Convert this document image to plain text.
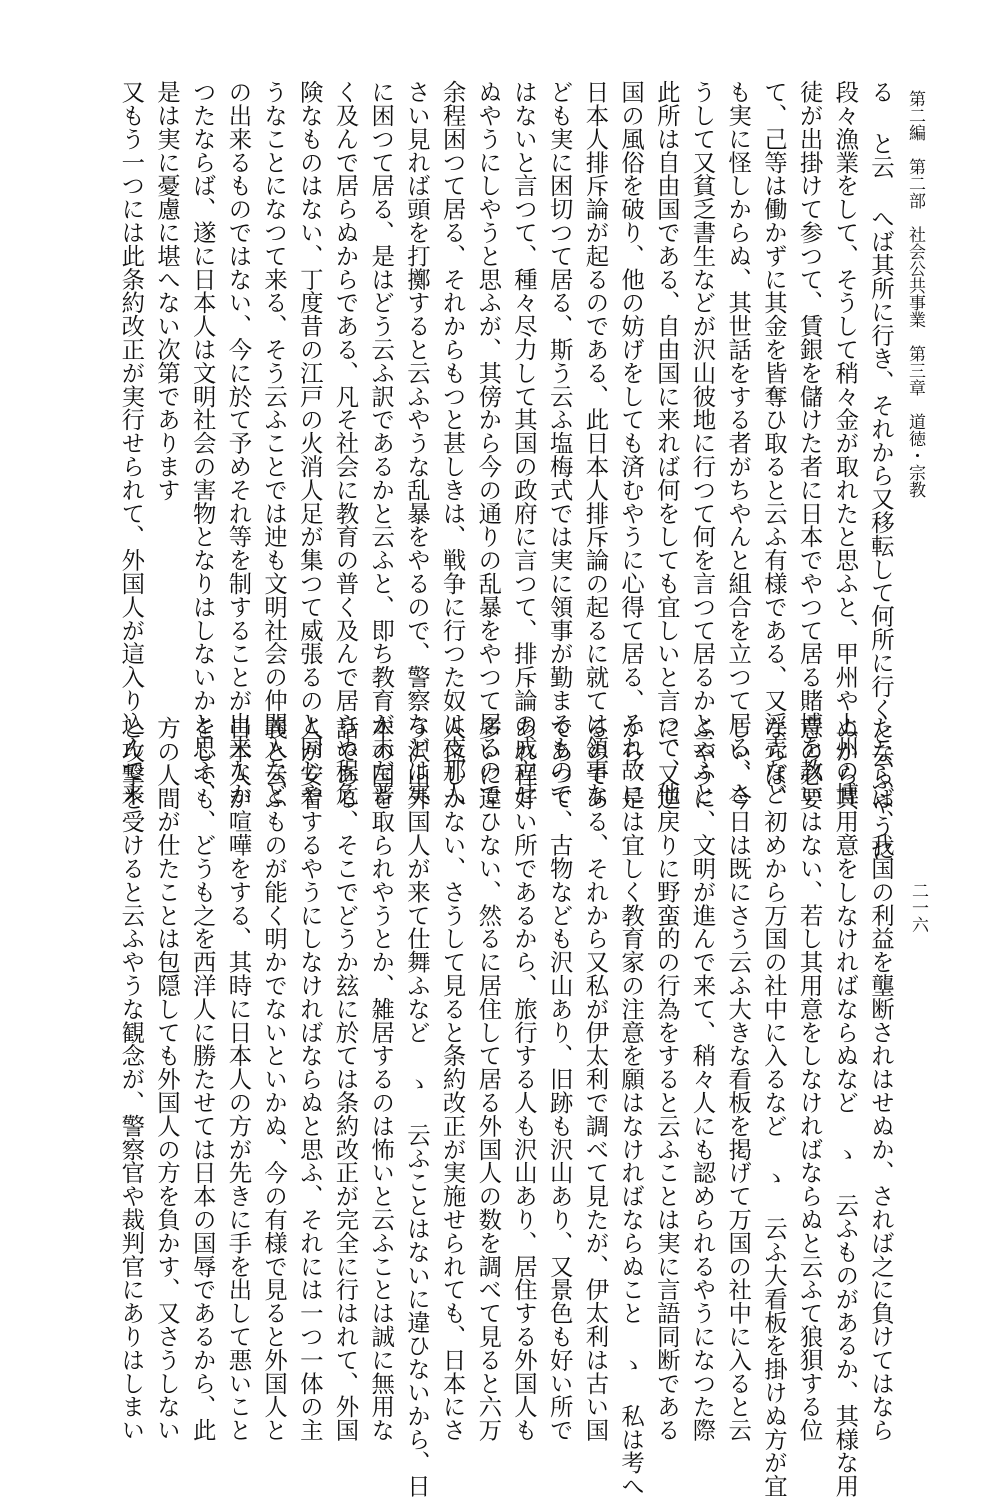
第二編　第二部　社会公共事業　第三章　道徳・宗教
二一六
る と云 へば其所に行き、それから又移転して何所に行くと云ふやうに
段々漁業をして、そうして稍々金が取れたと思ふと、甲州や上州の博
徒が出掛けて参つて、賃銀を儲けた者に日本でやつて居る賭博を教い
て、己等は働かずに其金を皆奪ひ取ると云ふ有様である、又淫売など
も実に怪しからぬ、其世話をする者がちやんと組合を立つて居る、さ
うして又貧乏書生などが沢山彼地に行つて何を言つて居るかと云ふと
此所は自由国である、自由国に来れば何をしても宜しいと言つて、他
国の風俗を破り、他の妨げをしても済むやうに心得て居る、それ故に
日本人排斥論が起るのである、此日本人排斥論の起るに就ては領事な
ども実に困切つて居る、斯う云ふ塩梅式では実に領事が勤まるもので
はないと言つて、種々尽力して其国の政府に言つて、排斥論の成立せ
ぬやうにしやうと思ふが、其傍から今の通りの乱暴をやつて居るので
余程困つて居る、それからもつと甚しきは、戦争に行つた奴は支那人
さい見れば頭を打擲すると云ふやうな乱暴をやるので、警察などは実
に困つて居る、是はどう云ふ訳であるかと云ふと、即ち教育が未だ普
く及んで居らぬからである、凡そ社会に教育の普く及んで居らぬ程危
険なものはない、丁度昔の江戸の火消人足が集つて威張るのと同じや
うなことになつて来る、そう云ふことでは迚も文明社会の仲間入など
の出来るものではない、今に於て予めそれ等を制することが出来なか
つたならば、遂に日本人は文明社会の害物となりはしないかと思ふ、
是は実に憂慮に堪へない次第であります
又もう一つには此条約改正が実行せられて、外国人が這入り込んで来
たならば、我国の利益を壟断されはせぬか、されば之に負けてはなら
ぬから其用意をしなければならぬなど ゝ 云ふものがあるか、其様な用
意の必要はない、若し其用意をしなければならぬと云ふて狼狽する位
ならば、初めから万国の社中に入るなど ゝ 云ふ大看板を掛けぬ方が宜
しい、今日は既にさう云ふ大きな看板を掲げて万国の社中に入ると云
ふやうに、文明が進んで来て、稍々人にも認められるやうになつた際
に、又逆戻りに野蛮的の行為をすると云ふことは実に言語同断である
から、是は宜しく教育家の注意を願はなければならぬこと ゝ 私は考へ
るのである、それから又私が伊太利で調べて見たが、伊太利は古い国
であつて、古物なども沢山あり、旧跡も沢山あり、又景色も好い所で
あれ程好い所であるから、旅行する人も沢山あり、居住する外国人も
多いに違ひない、然るに居住して居る外国人の数を調べて見ると六万
人位しかない、さうして見ると条約改正が実施せられても、日本にさ
う沢山外国人が来て仕舞ふなど ゝ 云ふことはないに違ひないから、日
本の国を取られやうとか、雑居するのは怖いと云ふことは誠に無用な
話である、そこでどうか玆に於ては条約改正が完全に行はれて、外国
人が安着するやうにしなければならぬと思ふ、それには一つ一体の主
義と云ふものが能く明かでないといかぬ、今の有様で見ると外国人と
日本人が喧嘩をする、其時に日本人の方が先きに手を出して悪いこと
をしても、どうも之を西洋人に勝たせては日本の国辱であるから、此
方の人間が仕たことは包隠しても外国人の方を負かす、又さうしない
と攻撃を受けると云ふやうな観念が、警察官や裁判官にありはしまい
